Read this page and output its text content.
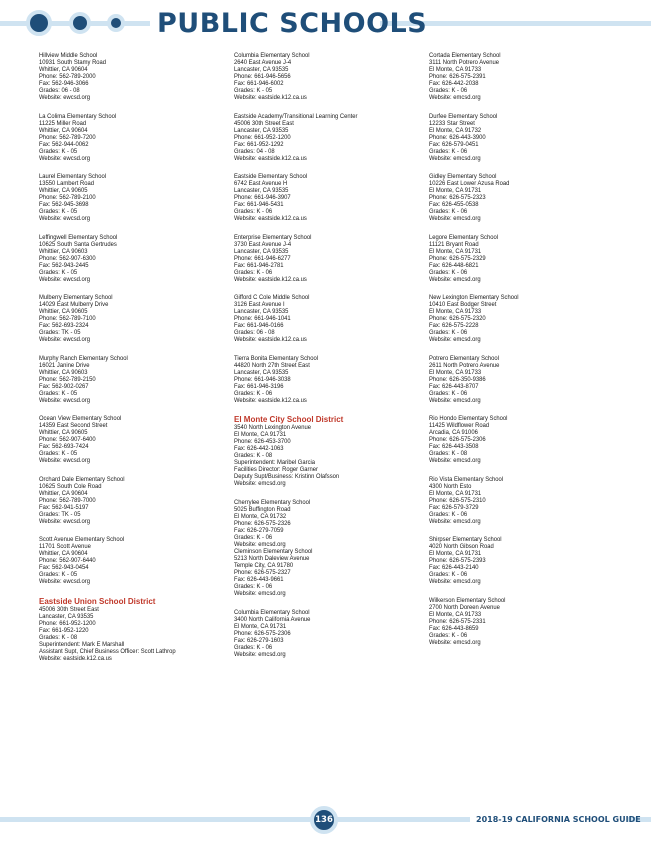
PUBLIC SCHOOLS
Hillview Middle School
10931 South Stamy Road
Whittier, CA 90604
Phone: 562-789-2000
Fax: 562-946-3066
Grades: 06 - 08
Website: ewcsd.org
La Colima Elementary School
11225 Miller Road
Whittier, CA 90604
Phone: 562-789-7200
Fax: 562-944-0062
Grades: K - 05
Website: ewcsd.org
Laurel Elementary School
13550 Lambert Road
Whittier, CA 90605
Phone: 562-789-2100
Fax: 562-945-3698
Grades: K - 05
Website: ewcsd.org
Leffingwell Elementary School
10625 South Santa Gertrudes
Whittier, CA 90603
Phone: 562-907-6300
Fax: 562-943-2445
Grades: K - 05
Website: ewcsd.org
Mulberry Elementary School
14029 East Mulberry Drive
Whittier, CA 90605
Phone: 562-789-7100
Fax: 562-693-2324
Grades: TK - 05
Website: ewcsd.org
Murphy Ranch Elementary School
16021 Janine Drive
Whittier, CA 90603
Phone: 562-789-2150
Fax: 562-902-0267
Grades: K - 05
Website: ewcsd.org
Ocean View Elementary School
14359 East Second Street
Whittier, CA 90605
Phone: 562-907-6400
Fax: 562-693-7424
Grades: K - 05
Website: ewcsd.org
Orchard Dale Elementary School
10625 South Cole Road
Whittier, CA 90604
Phone: 562-789-7000
Fax: 562-941-5197
Grades: TK - 05
Website: ewcsd.org
Scott Avenue Elementary School
11701 Scott Avenue
Whittier, CA 90604
Phone: 562-907-6440
Fax: 562-943-0454
Grades: K - 05
Website: ewcsd.org
Eastside Union School District
45006 30th Street East
Lancaster, CA 93535
Phone: 661-952-1200
Fax: 661-952-1220
Grades: K - 08
Superintendent: Mark E Marshall
Assistant Supt, Chief Business Officer: Scott Lathrop
Website: eastside.k12.ca.us
Columbia Elementary School
2640 East Avenue J-4
Lancaster, CA 93535
Phone: 661-946-5656
Fax: 661-946-6002
Grades: K - 05
Website: eastside.k12.ca.us
Eastside Academy/Transitional Learning Center
45006 30th Street East
Lancaster, CA 93535
Phone: 661-952-1200
Fax: 661-952-1292
Grades: 04 - 08
Website: eastside.k12.ca.us
Eastside Elementary School
6742 East Avenue H
Lancaster, CA 93535
Phone: 661-946-3907
Fax: 661-946-5431
Grades: K - 06
Website: eastside.k12.ca.us
Enterprise Elementary School
3730 East Avenue J-4
Lancaster, CA 93535
Phone: 661-946-6277
Fax: 661-946-2781
Grades: K - 06
Website: eastside.k12.ca.us
Gifford C Cole Middle School
3126 East Avenue I
Lancaster, CA 93535
Phone: 661-946-1041
Fax: 661-946-0166
Grades: 06 - 08
Website: eastside.k12.ca.us
Tierra Bonita Elementary School
44820 North 27th Street East
Lancaster, CA 93535
Phone: 661-946-3038
Fax: 661-946-3196
Grades: K - 06
Website: eastside.k12.ca.us
El Monte City School District
3540 North Lexington Avenue
El Monte, CA 91731
Phone: 626-453-3700
Fax: 626-442-1063
Grades: K - 08
Superintendent: Maribel Garcia
Facilities Director: Roger Garner
Deputy Supt/Business: Kristinn Olafsson
Website: emcsd.org
Cherrylee Elementary School
5025 Buffington Road
El Monte, CA 91732
Phone: 626-575-2326
Fax: 626-279-7059
Grades: K - 06
Website: emcsd.org
Cleminson Elementary School
5213 North Daleview Avenue
Temple City, CA 91780
Phone: 626-575-2327
Fax: 626-443-9661
Grades: K - 06
Website: emcsd.org
Columbia Elementary School
3400 North California Avenue
El Monte, CA 91731
Phone: 626-575-2306
Fax: 626-279-1603
Grades: K - 06
Website: emcsd.org
Cortada Elementary School
3111 North Potrero Avenue
El Monte, CA 91733
Phone: 626-575-2391
Fax: 626-442-2038
Grades: K - 06
Website: emcsd.org
Durfee Elementary School
12233 Star Street
El Monte, CA 91732
Phone: 626-443-3900
Fax: 626-579-0451
Grades: K - 06
Website: emcsd.org
Gidley Elementary School
10226 East Lower Azusa Road
El Monte, CA 91731
Phone: 626-575-2323
Fax: 626-455-0538
Grades: K - 06
Website: emcsd.org
Legore Elementary School
11121 Bryant Road
El Monte, CA 91731
Phone: 626-575-2329
Fax: 626-448-6821
Grades: K - 06
Website: emcsd.org
New Lexington Elementary School
10410 East Bodger Street
El Monte, CA 91733
Phone: 626-575-2320
Fax: 626-575-2228
Grades: K - 06
Website: emcsd.org
Potrero Elementary School
2611 North Potrero Avenue
El Monte, CA 91733
Phone: 626-350-9386
Fax: 626-443-8707
Grades: K - 06
Website: emcsd.org
Rio Hondo Elementary School
11425 Wildflower Road
Arcadia, CA 91006
Phone: 626-575-2306
Fax: 626-443-3508
Grades: K - 08
Website: emcsd.org
Rio Vista Elementary School
4300 North Esto
El Monte, CA 91731
Phone: 626-575-2310
Fax: 626-579-3729
Grades: K - 06
Website: emcsd.org
Shirpser Elementary School
4020 North Gibson Road
El Monte, CA 91731
Phone: 626-575-2393
Fax: 626-443-2140
Grades: K - 06
Website: emcsd.org
Wilkerson Elementary School
2700 North Doreen Avenue
El Monte, CA 91733
Phone: 626-575-2331
Fax: 626-443-8659
Grades: K - 06
Website: emcsd.org
136	2018-19 CALIFORNIA SCHOOL GUIDE
